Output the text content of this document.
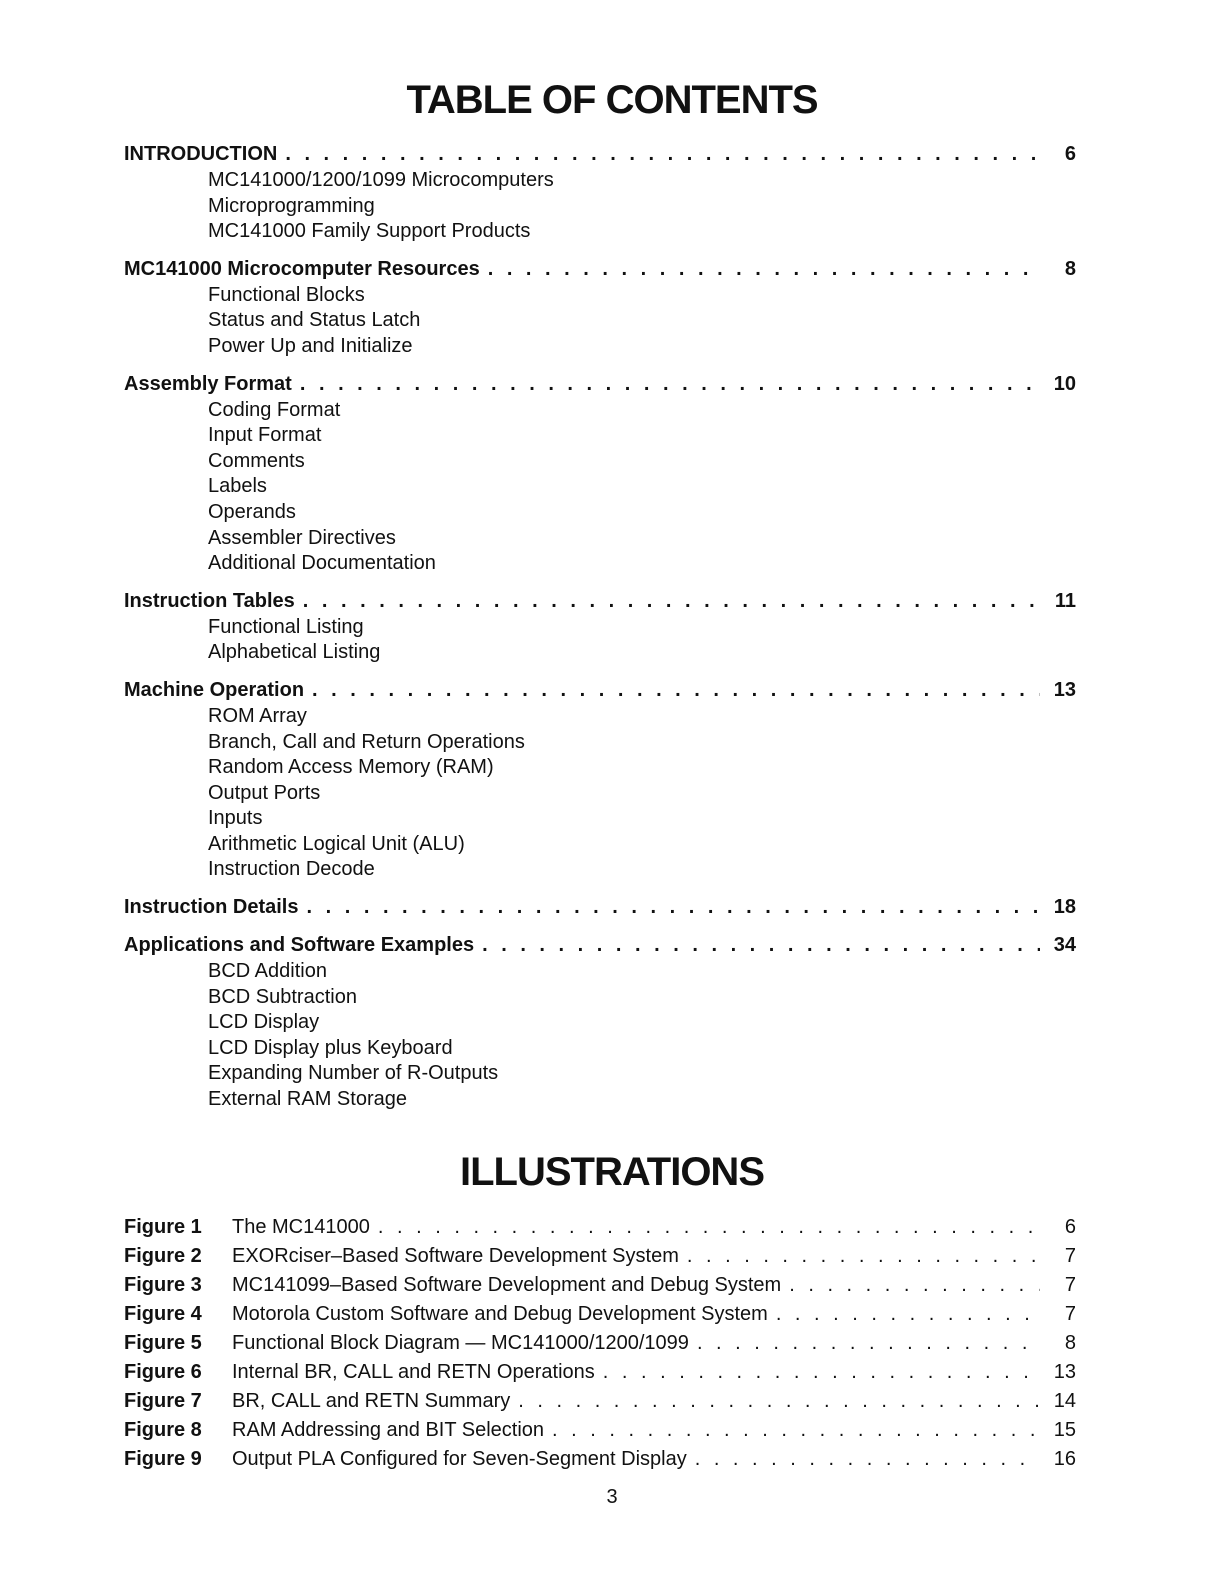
TABLE OF CONTENTS
INTRODUCTION . . .	6
MC141000/1200/1099 Microcomputers
Microprogramming
MC141000 Family Support Products
MC141000 Microcomputer Resources . . .	8
Functional Blocks
Status and Status Latch
Power Up and Initialize
Assembly Format . . .	10
Coding Format
Input Format
Comments
Labels
Operands
Assembler Directives
Additional Documentation
Instruction Tables . . .	11
Functional Listing
Alphabetical Listing
Machine Operation . . .	13
ROM Array
Branch, Call and Return Operations
Random Access Memory (RAM)
Output Ports
Inputs
Arithmetic Logical Unit (ALU)
Instruction Decode
Instruction Details . . .	18
Applications and Software Examples . . .	34
BCD Addition
BCD Subtraction
LCD Display
LCD Display plus Keyboard
Expanding Number of R-Outputs
External RAM Storage
ILLUSTRATIONS
Figure 1	The MC141000 . . .	6
Figure 2	EXORciser–Based Software Development System . . .	7
Figure 3	MC141099–Based Software Development and Debug System . . .	7
Figure 4	Motorola Custom Software and Debug Development System . . .	7
Figure 5	Functional Block Diagram — MC141000/1200/1099 . . .	8
Figure 6	Internal BR, CALL and RETN Operations . . .	13
Figure 7	BR, CALL and RETN Summary . . .	14
Figure 8	RAM Addressing and BIT Selection . . .	15
Figure 9	Output PLA Configured for Seven-Segment Display . . .	16
3
